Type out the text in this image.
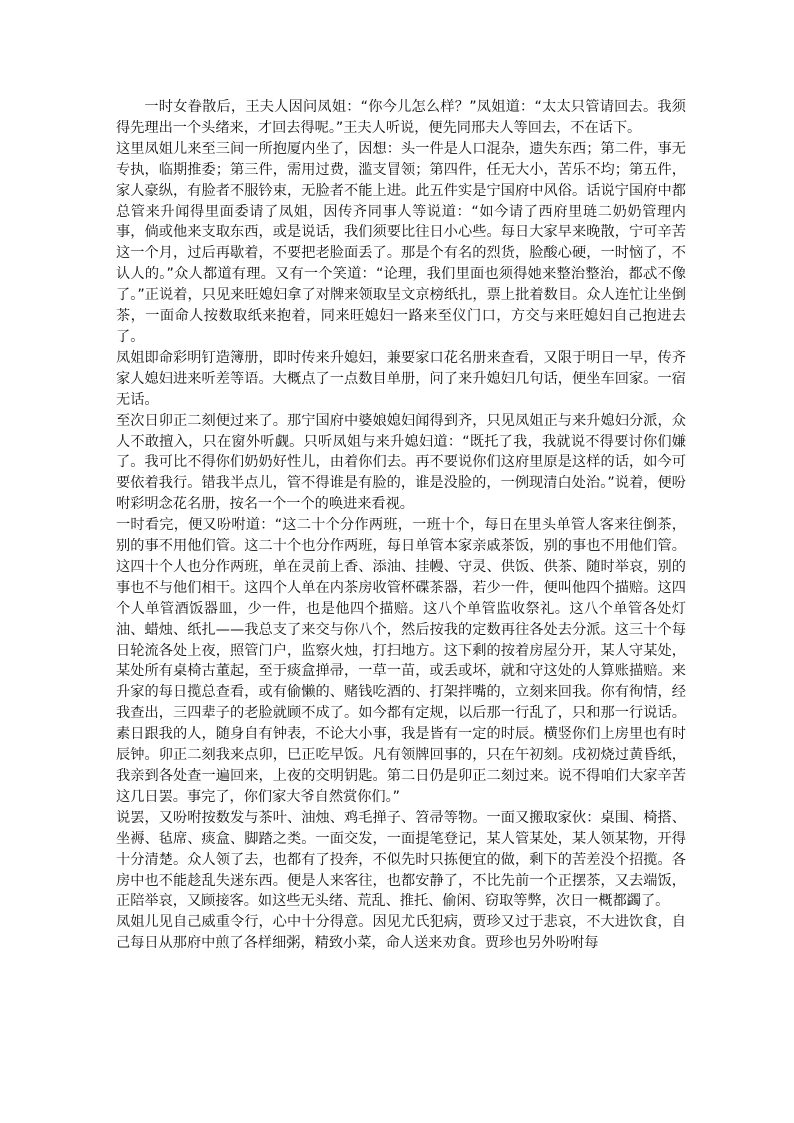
一时女眷散后，王夫人因问凤姐：“你今儿怎么样？”凤姐道：“太太只管请回去。我须得先理出一个头绪来，才回去得呢。”王夫人听说，便先同邢夫人等回去，不在话下。

这里凤姐儿来至三间一所抱厦内坐了，因想：头一件是人口混杂，遗失东西；第二件，事无专执，临期推委；第三件，需用过费，滥支冒领；第四件，任无大小，苦乐不均；第五件，家人豪纵，有脸者不服钤束，无脸者不能上进。此五件实是宁国府中风俗。话说宁国府中都总管来升闻得里面委请了凤姐，因传齐同事人等说道：“如今请了西府里琏二奶奶管理内事，倘或他来支取东西，或是说话，我们须要比往日小心些。每日大家早来晚散，宁可辛苦这一个月，过后再歇着，不要把老脸面丢了。那是个有名的烈货，脸酸心硬，一时恼了，不认人的。”众人都道有理。又有一个笑道：“论理，我们里面也须得她来整治整治，都忒不像了。”正说着，只见来旺媳妇拿了对牌来领取呈文京榜纸扎，票上批着数目。众人连忙让坐倒茶，一面命人按数取纸来抱着，同来旺媳妇一路来至仪门口，方交与来旺媳妇自己抱进去了。

凤姐即命彩明钉造簿册，即时传来升媳妇，兼要家口花名册来查看，又限于明日一早，传齐家人媳妇进来听差等语。大概点了一点数目单册，问了来升媳妇几句话，便坐车回家。一宿无话。

至次日卯正二刻便过来了。那宁国府中婆娘媳妇闻得到齐，只见凤姐正与来升媳妇分派，众人不敢擅入，只在窗外听觑。只听凤姐与来升媳妇道：“既托了我，我就说不得要讨你们嫌了。我可比不得你们奶奶好性儿，由着你们去。再不要说你们这府里原是这样的话，如今可要依着我行。错我半点儿，管不得谁是有脸的，谁是没脸的，一例现清白处治。”说着，便吩咐彩明念花名册，按名一个一个的唤进来看视。

一时看完，便又吩咐道：“这二十个分作两班，一班十个，每日在里头单管人客来往倒茶，别的事不用他们管。这二十个也分作两班，每日单管本家亲戚茶饭，别的事也不用他们管。这四十个人也分作两班，单在灵前上香、添油、挂幔、守灵、供饭、供茶、随时举哀，别的事也不与他们相干。这四个人单在内茶房收管杯碟茶器，若少一件，便叫他四个描赔。这四个人单管酒饭器皿，少一件，也是他四个描赔。这八个单管监收祭礼。这八个单管各处灯油、蜡烛、纸扎——我总支了来交与你八个，然后按我的定数再往各处去分派。这三十个每日轮流各处上夜，照管门户，监察火烛，打扫地方。这下剩的按着房屋分开，某人守某处，某处所有桌椅古董起，至于痰盒掸帚，一草一苗，或丢或坏，就和守这处的人算账描赔。来升家的每日揽总查看，或有偷懒的、赌钱吃酒的、打架拌嘴的，立刻来回我。你有徇情，经我查出，三四辈子的老脸就顾不成了。如今都有定规，以后那一行乱了，只和那一行说话。素日跟我的人，随身自有钟表，不论大小事，我是皆有一定的时辰。横竖你们上房里也有时辰钟。卯正二刻我来点卯，巳正吃早饭。凡有领牌回事的，只在午初刻。戌初烧过黄昏纸，我亲到各处查一遍回来，上夜的交明钥匙。第二日仍是卯正二刻过来。说不得咱们大家辛苦这几日罢。事完了，你们家大爷自然赏你们。”

说罢，又吩咐按数发与茶叶、油烛、鸡毛掸子、笤帚等物。一面又搬取家伙：桌围、椅搭、坐褥、毡席、痰盒、脚踏之类。一面交发，一面提笔登记，某人管某处，某人领某物，开得十分清楚。众人领了去，也都有了投奔，不似先时只拣便宜的做，剩下的苦差没个招揽。各房中也不能趁乱失迷东西。便是人来客往，也都安静了，不比先前一个正摆茶，又去端饭，正陪举哀，又顾接客。如这些无头绪、荒乱、推托、偷闲、窃取等弊，次日一概都蠲了。

凤姐儿见自己威重令行，心中十分得意。因见尤氏犯病，贾珍又过于悲哀，不大进饮食，自己每日从那府中煎了各样细粥，精致小菜，命人送来劝食。贾珍也另外吩咐每
